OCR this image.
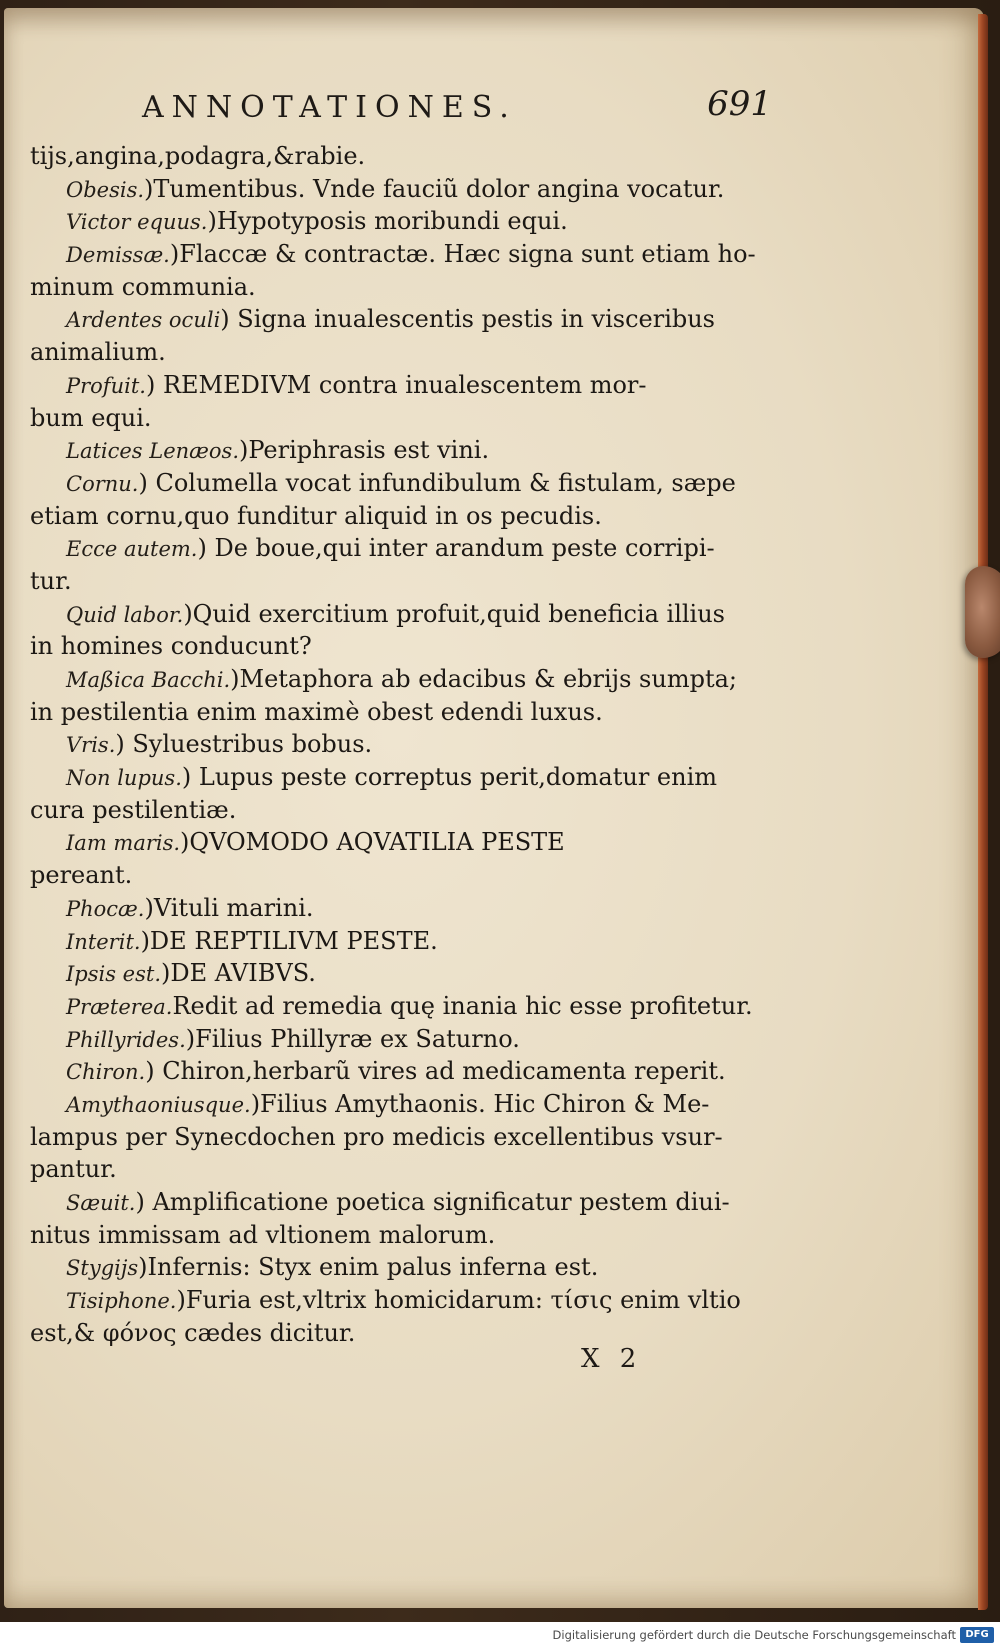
ANNOTATIONES.	691
tijs,angina,podagra,&rabie.
Obesis.)Tumentibus. Vnde fauciũ dolor angina vocatur.
Victor equus.)Hypotyposis moribundi equi.
Demissæ.)Flaccæ & contractæ. Hæc signa sunt etiam ho-
minum communia.
Ardentes oculi) Signa inualescentis pestis in visceribus
animalium.
Profuit.) REMEDIVM contra inualescentem mor-
bum equi.
Latices Lenæos.)Periphrasis est vini.
Cornu.) Columella vocat infundibulum & fistulam, sæpe
etiam cornu,quo funditur aliquid in os pecudis.
Ecce autem.) De boue,qui inter arandum peste corripi-
tur.
Quid labor.)Quid exercitium profuit,quid beneficia illius
in homines conducunt?
Maßica Bacchi.)Metaphora ab edacibus & ebrijs sumpta;
in pestilentia enim maximè obest edendi luxus.
Vris.) Syluestribus bobus.
Non lupus.) Lupus peste correptus perit,domatur enim
cura pestilentiæ.
Iam maris.)QVOMODO AQVATILIA PESTE
pereant.
Phocæ.)Vituli marini.
Interit.)DE REPTILIVM PESTE.
Ipsis est.)DE AVIBVS.
Præterea.Redit ad remedia quę inania hic esse profitetur.
Phillyrides.)Filius Phillyræ ex Saturno.
Chiron.) Chiron,herbarũ vires ad medicamenta reperit.
Amythaoniusque.)Filius Amythaonis. Hic Chiron & Me-
lampus per Synecdochen pro medicis excellentibus vsur-
pantur.
Sæuit.) Amplificatione poetica significatur pestem diui-
nitus immissam ad vltionem malorum.
Stygijs)Infernis: Styx enim palus inferna est.
Tisiphone.)Furia est,vltrix homicidarum: τίσις enim vltio
est,& φόνος cædes dicitur.
X 2
Digitalisierung gefördert durch die Deutsche Forschungsgemeinschaft DFG
